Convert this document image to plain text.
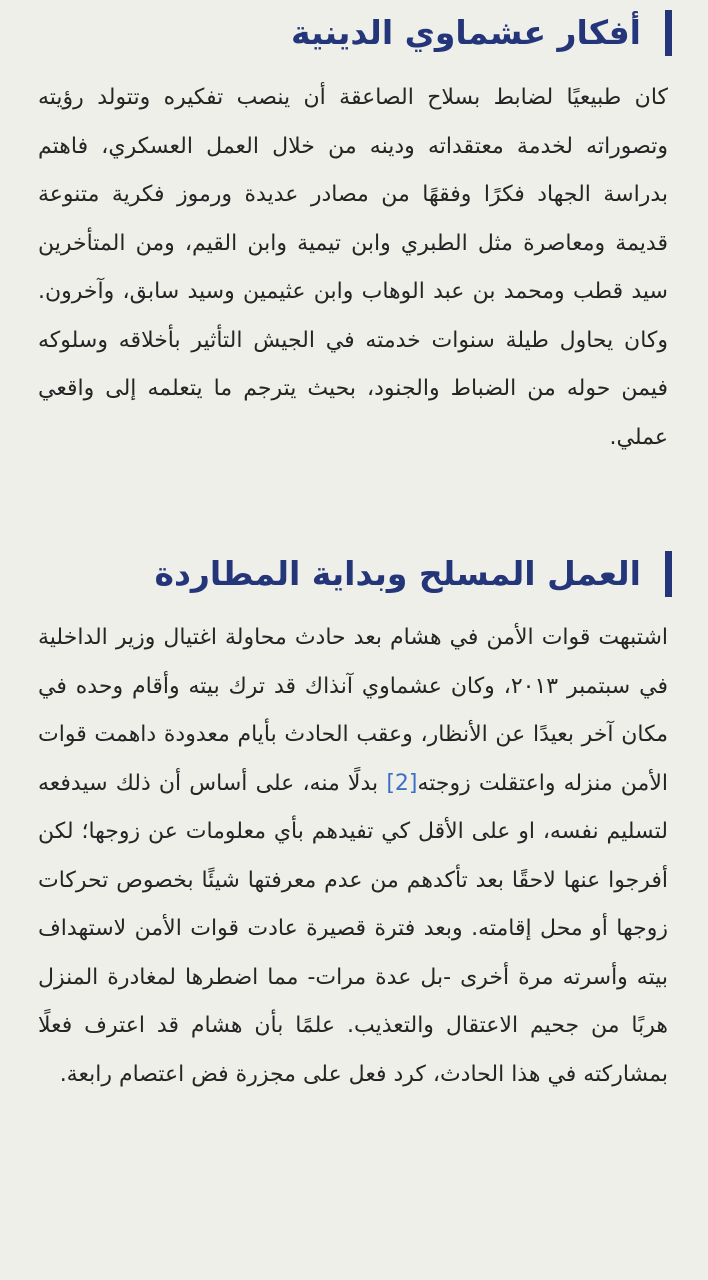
أفكار عشماوي الدينية

كان طبيعيًا لضابط بسلاح الصاعقة أن ينصب تفكيره وتتولد رؤيته وتصوراته لخدمة معتقداته ودينه من خلال العمل العسكري، فاهتم بدراسة الجهاد فكرًا وفقهًا من مصادر عديدة ورموز فكرية متنوعة قديمة ومعاصرة مثل الطبري وابن تيمية وابن القيم، ومن المتأخرين سيد قطب ومحمد بن عبد الوهاب وابن عثيمين وسيد سابق، وآخرون. وكان يحاول طيلة سنوات خدمته في الجيش التأثير بأخلاقه وسلوكه فيمن حوله من الضباط والجنود، بحيث يترجم ما يتعلمه إلى واقعي عملي.

العمل المسلح وبداية المطاردة

اشتبهت قوات الأمن في هشام بعد حادث محاولة اغتيال وزير الداخلية في سبتمبر ٢٠١٣، وكان عشماوي آنذاك قد ترك بيته وأقام وحده في مكان آخر بعيدًا عن الأنظار، وعقب الحادث بأيام معدودة داهمت قوات الأمن منزله واعتقلت زوجته[2] بدلًا منه، على أساس أن ذلك سيدفعه لتسليم نفسه، او على الأقل كي تفيدهم بأي معلومات عن زوجها؛ لكن أفرجوا عنها لاحقًا بعد تأكدهم من عدم معرفتها شيئًا بخصوص تحركات زوجها أو محل إقامته. وبعد فترة قصيرة عادت قوات الأمن لاستهداف بيته وأسرته مرة أخرى -بل عدة مرات- مما اضطرها لمغادرة المنزل هربًا من جحيم الاعتقال والتعذيب. علمًا بأن هشام قد اعترف فعلًا بمشاركته في هذا الحادث، كرد فعل على مجزرة فض اعتصام رابعة.
